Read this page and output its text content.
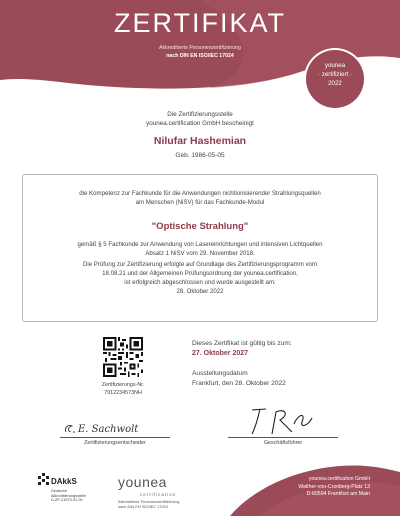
ZERTIFIKAT
Akkreditierte Personenzertifizierung
nach DIN EN ISO/IEC 17024
younea
· zertifiziert ·
2022
Die Zertifizierungsstelle
younea.certification GmbH bescheinigt
Nilufar Hashemian
Geb. 1986-05-05
die Kompetenz zur Fachkunde für die Anwendungen nichtionisierender Strahlungsquellen
am Menschen (NiSV) für das Fachkunde-Modul
"Optische Strahlung"
gemäß § 5 Fachkunde zur Anwendung von Lasereinrichtungen und intensiven Lichtquellen
Absatz 1 NiSV vom 29. November 2018.
Die Prüfung zur Zertifizierung erfolgte auf Grundlage des Zertifizierungsprogramm vom
18.08.21 und der Allgemeinen Prüfungsordnung der younea.certification,
ist erfolgreich abgeschlossen und wurde ausgestellt am:
28. Oktober 2022
Zertifizierungs-Nr.
7912234573NH
Dieses Zertifikat ist gültig bis zum:
27. Oktober 2027
Ausstellungsdatum
Frankfurt, den 28. Oktober 2022
E. Sachwolt
Zertifizierungsentscheider	Geschäftsführer
DAkkS
Deutsche
Akkreditierungsstelle
D-ZP-21570-01-00
younea
certification
Akkreditierte Personenzertifizierung
nach DIN EN ISO/IEC 17024
younea.certification GmbH
Walther-von-Cronberg-Platz 13
D-60594 Frankfurt am Main
